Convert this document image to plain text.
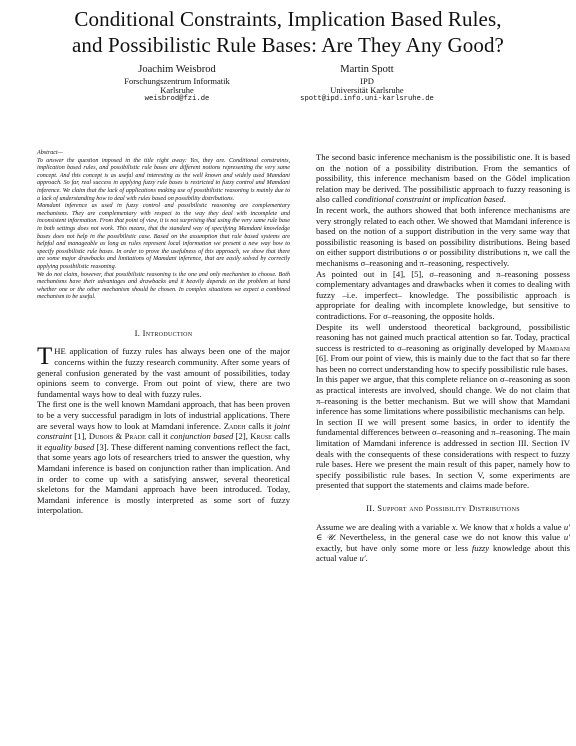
Conditional Constraints, Implication Based Rules,
and Possibilistic Rule Bases: Are They Any Good?
Joachim Weisbrod
Forschungszentrum Informatik
Karlsruhe
weisbrod@fzi.de
Martin Spott
IPD
Universität Karlsruhe
spott@ipd.info.uni-karlsruhe.de

Abstract—

To answer the question imposed in the title right away: Yes, they are. Conditional constraints, implication based rules, and possibilistic rule bases are different notions representing the very same concept. And this concept is as useful and interesting as the well known and widely used Mamdani approach. So far, real success in applying fuzzy rule bases is restricted to fuzzy control and Mamdani inference. We claim that the lack of applications making use of possibilistic reasoning is mainly due to a lack of understanding how to deal with rules based on possibility distributions.

Mamdani inference as used in fuzzy control and possibilistic reasoning are complementary mechanisms. They are complementary with respect to the way they deal with incomplete and inconsistent information. From that point of view, it is not surprising that using the very same rule base in both settings does not work. This means, that the standard way of specifying Mamdani knowledge bases does not help in the possibilistic case. Based on the assumption that rule based systems are helpful and manageable as long as rules represent local information we present a new way how to specify possibilistic rule bases. In order to prove the usefulness of this approach, we show that there are some major drawbacks and limitations of Mamdani inference, that are easily solved by correctly applying possibilistic reasoning.

We do not claim, however, that possibilistic reasoning is the one and only mechanism to choose. Both mechanisms have their advantages and drawbacks and it heavily depends on the problem at hand whether one or the other mechanism should be chosen. In complex situations we expect a combined mechanism to be useful.

I. Introduction

THE application of fuzzy rules has always been one of the major concerns within the fuzzy research community. After some years of general confusion generated by the vast amount of possibilities, today opinions seem to converge. From out point of view, there are two fundamental ways how to deal with fuzzy rules.

The first one is the well known Mamdani approach, that has been proven to be a very successful paradigm in lots of industrial applications. There are several ways how to look at Mamdani inference. Zadeh calls it joint constraint [1], Dubois & Prade call it conjunction based [2], Kruse calls it equality based [3]. These different naming conventions reflect the fact, that some years ago lots of researchers tried to answer the question, why Mamdani inference is based on conjunction rather than implication. And in order to come up with a satisfying answer, several theoretical skeletons for the Mamdani approach have been introduced. Today, Mamdani inference is mostly interpreted as some sort of fuzzy interpolation.

The second basic inference mechanism is the possibilistic one. It is based on the notion of a possibility distribution. From the semantics of possibility, this inference mechanism based on the Gödel implication relation may be derived. The possibilistic approach to fuzzy reasoning is also called conditional constraint or implication based.

In recent work, the authors showed that both inference mechanisms are very strongly related to each other. We showed that Mamdani inference is based on the notion of a support distribution in the very same way that possibilistic reasoning is based on possibility distributions. Being based on either support distributions σ or possibility distributions π, we call the mechanisms σ–reasoning and π–reasoning, respectively.

As pointed out in [4], [5], σ–reasoning and π–reasoning possess complementary advantages and drawbacks when it comes to dealing with fuzzy –i.e. imperfect– knowledge. The possibilistic approach is appropriate for dealing with incomplete knowledge, but sensitive to contradictions. For σ–reasoning, the opposite holds.

Despite its well understood theoretical background, possibilistic reasoning has not gained much practical attention so far. Today, practical success is restricted to σ–reasoning as originally developed by Mamdani [6]. From our point of view, this is mainly due to the fact that so far there has been no correct understanding how to specify possibilistic rule bases.

In this paper we argue, that this complete reliance on σ–reasoning as soon as practical interests are involved, should change. We do not claim that π–reasoning is the better mechanism. But we will show that Mamdani inference has some limitations where possibilistic mechanisms can help.

In section II we will present some basics, in order to identify the fundamental differences between σ–reasoning and π–reasoning. The main limitation of Mamdani inference is addressed in section III. Section IV deals with the consequents of these considerations with respect to fuzzy rule bases. Here we present the main result of this paper, namely how to specify possibilistic rule bases. In section V, some experiments are presented that support the statements and claims made before.

II. Support and Possibility Distributions

Assume we are dealing with a variable x. We know that x holds a value u′ ∈ 𝒰. Nevertheless, in the general case we do not know this value u′ exactly, but have only some more or less fuzzy knowledge about this actual value u′.
